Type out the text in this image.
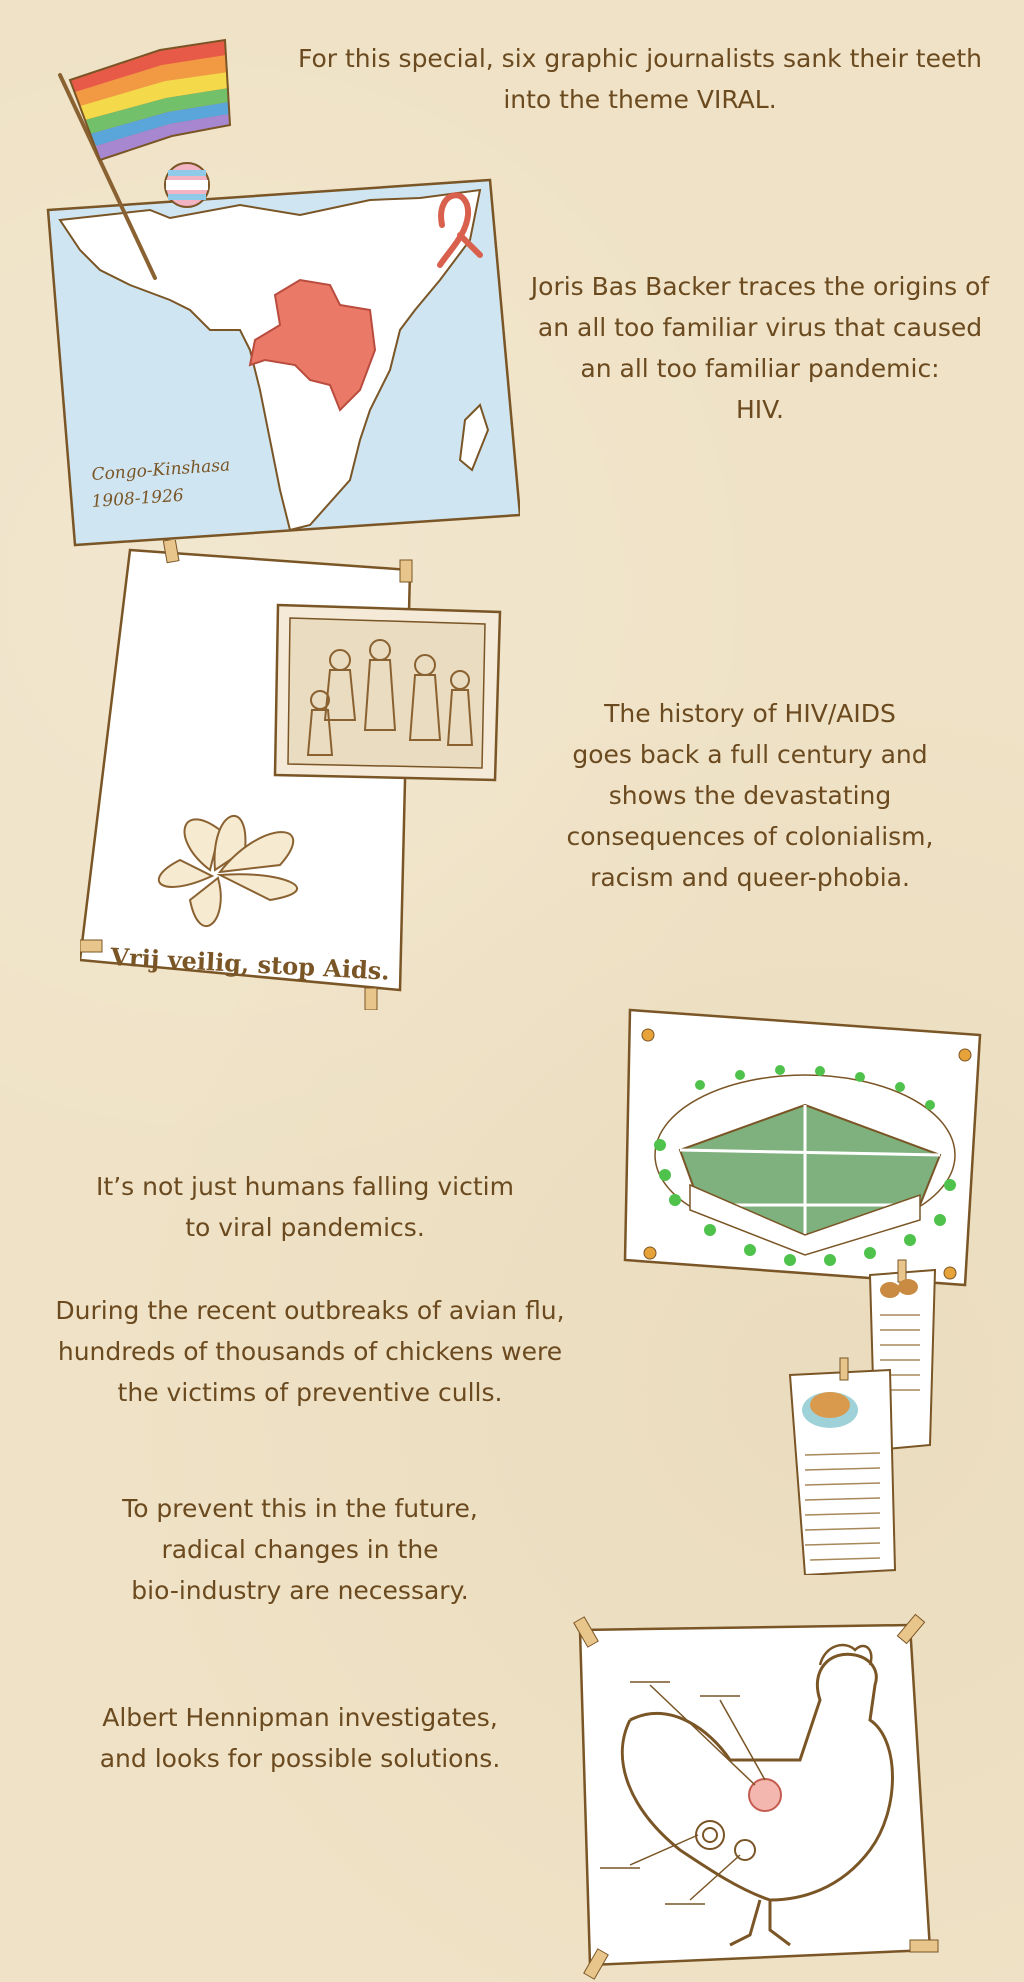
For this special, six graphic journalists sank their teeth
into the theme VIRAL.
Joris Bas Backer traces the origins of
an all too familiar virus that caused
an all too familiar pandemic:
HIV.
The history of HIV/AIDS
goes back a full century and
shows the devastating
consequences of colonialism,
racism and queer-phobia.
It’s not just humans falling victim
to viral pandemics.
During the recent outbreaks of avian flu,
hundreds of thousands of chickens were
the victims of preventive culls.
To prevent this in the future,
radical changes in the
bio-industry are necessary.
Albert Hennipman investigates,
and looks for possible solutions.
Congo-Kinshasa
1908-1926
Vrij veilig, stop Aids.
